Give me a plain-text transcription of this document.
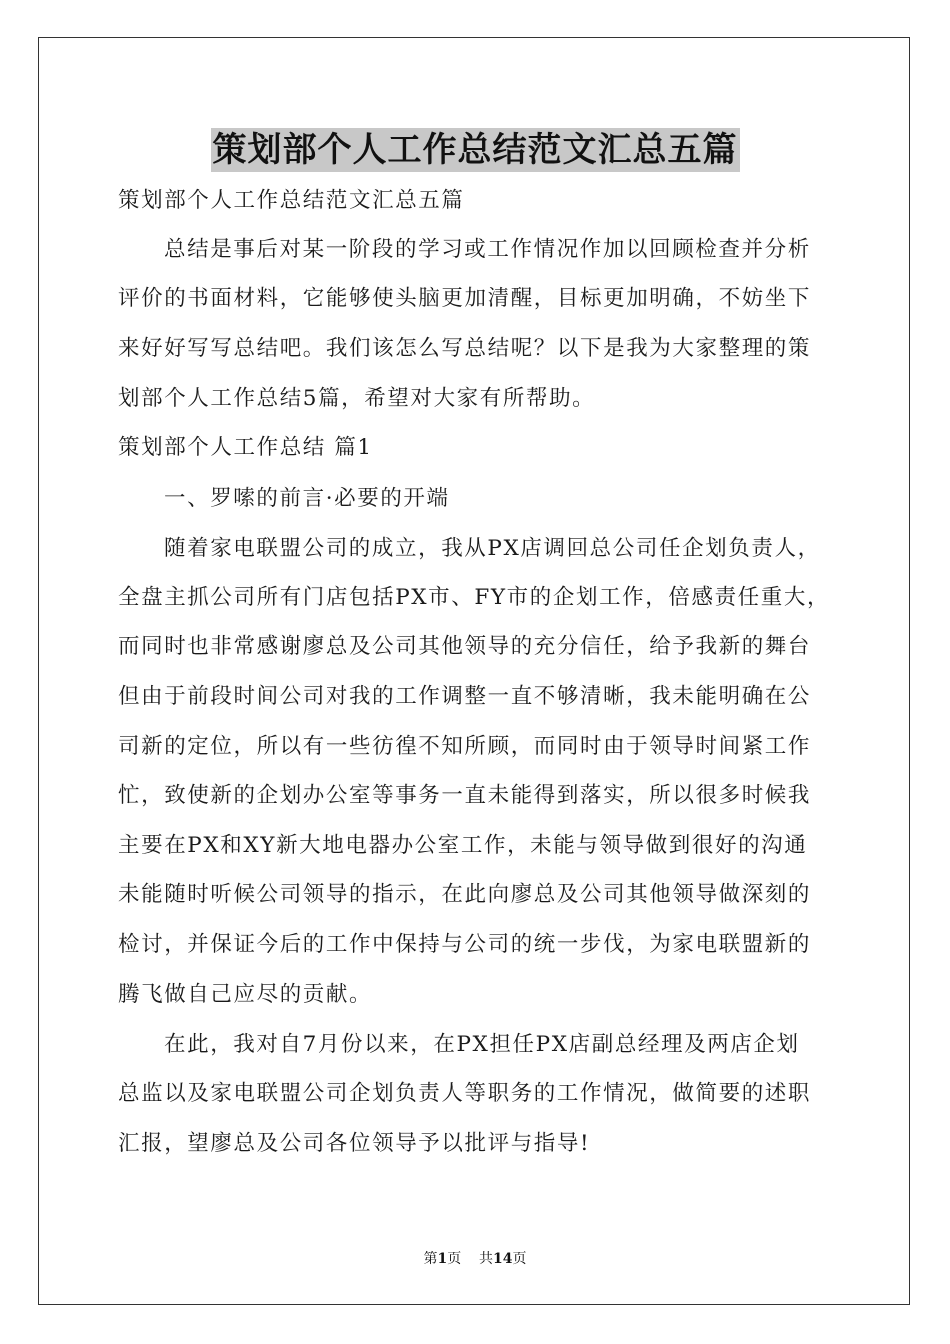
策划部个人工作总结范文汇总五篇
策划部个人工作总结范文汇总五篇
总结是事后对某一阶段的学习或工作情况作加以回顾检查并分析
评价的书面材料，它能够使头脑更加清醒，目标更加明确，不妨坐下
来好好写写总结吧。我们该怎么写总结呢？以下是我为大家整理的策
划部个人工作总结5篇，希望对大家有所帮助。
策划部个人工作总结 篇1
一、罗嗦的前言·必要的开端
随着家电联盟公司的成立，我从PX店调回总公司任企划负责人，
全盘主抓公司所有门店包括PX市、FY市的企划工作，倍感责任重大，
而同时也非常感谢廖总及公司其他领导的充分信任，给予我新的舞台
但由于前段时间公司对我的工作调整一直不够清晰，我未能明确在公
司新的定位，所以有一些彷徨不知所顾，而同时由于领导时间紧工作
忙，致使新的企划办公室等事务一直未能得到落实，所以很多时候我
主要在PX和XY新大地电器办公室工作，未能与领导做到很好的沟通
未能随时听候公司领导的指示，在此向廖总及公司其他领导做深刻的
检讨，并保证今后的工作中保持与公司的统一步伐，为家电联盟新的
腾飞做自己应尽的贡献。
在此，我对自7月份以来，在PX担任PX店副总经理及两店企划
总监以及家电联盟公司企划负责人等职务的工作情况，做简要的述职
汇报，望廖总及公司各位领导予以批评与指导!
第1页 共14页
